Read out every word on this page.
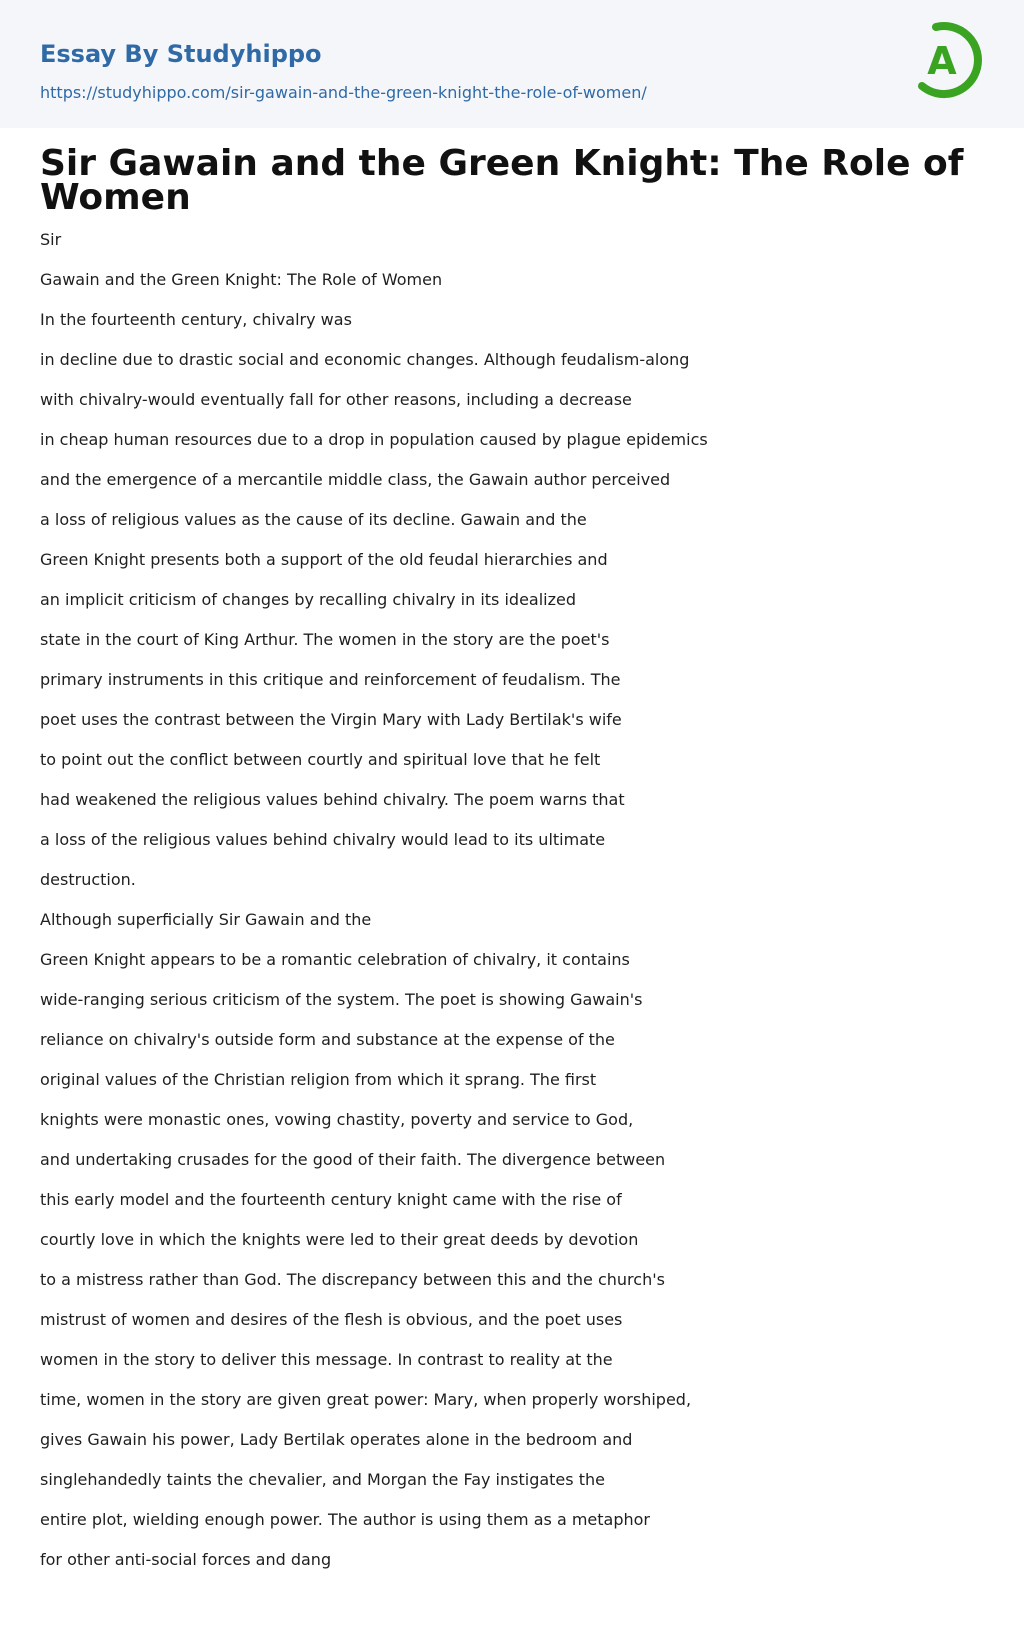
Essay By Studyhippo
https://studyhippo.com/sir-gawain-and-the-green-knight-the-role-of-women/
A
Sir Gawain and the Green Knight: The Role of Women

Sir

Gawain and the Green Knight: The Role of Women

In the fourteenth century, chivalry was

in decline due to drastic social and economic changes. Although feudalism-along

with chivalry-would eventually fall for other reasons, including a decrease

in cheap human resources due to a drop in population caused by plague epidemics

and the emergence of a mercantile middle class, the Gawain author perceived

a loss of religious values as the cause of its decline. Gawain and the

Green Knight presents both a support of the old feudal hierarchies and

an implicit criticism of changes by recalling chivalry in its idealized

state in the court of King Arthur. The women in the story are the poet's

primary instruments in this critique and reinforcement of feudalism. The

poet uses the contrast between the Virgin Mary with Lady Bertilak's wife

to point out the conflict between courtly and spiritual love that he felt

had weakened the religious values behind chivalry. The poem warns that

a loss of the religious values behind chivalry would lead to its ultimate

destruction.

Although superficially Sir Gawain and the

Green Knight appears to be a romantic celebration of chivalry, it contains

wide-ranging serious criticism of the system. The poet is showing Gawain's

reliance on chivalry's outside form and substance at the expense of the

original values of the Christian religion from which it sprang. The first

knights were monastic ones, vowing chastity, poverty and service to God,

and undertaking crusades for the good of their faith. The divergence between

this early model and the fourteenth century knight came with the rise of

courtly love in which the knights were led to their great deeds by devotion

to a mistress rather than God. The discrepancy between this and the church's

mistrust of women and desires of the flesh is obvious, and the poet uses

women in the story to deliver this message. In contrast to reality at the

time, women in the story are given great power: Mary, when properly worshiped,

gives Gawain his power, Lady Bertilak operates alone in the bedroom and

singlehandedly taints the chevalier, and Morgan the Fay instigates the

entire plot, wielding enough power. The author is using them as a metaphor

for other anti-social forces and dang
